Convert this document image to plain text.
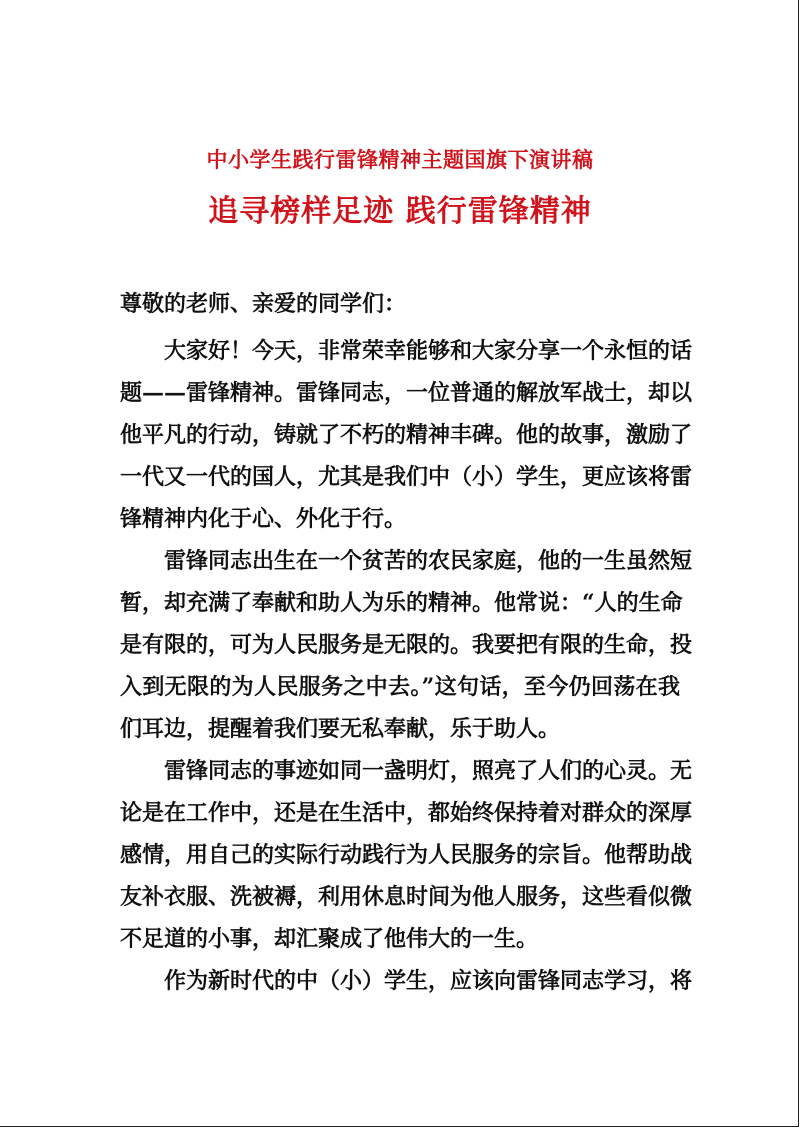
中小学生践行雷锋精神主题国旗下演讲稿
追寻榜样足迹 践行雷锋精神
尊敬的老师、亲爱的同学们：
大家好！今天，非常荣幸能够和大家分享一个永恒的话
题——雷锋精神。雷锋同志，一位普通的解放军战士，却以
他平凡的行动，铸就了不朽的精神丰碑。他的故事，激励了
一代又一代的国人，尤其是我们中（小）学生，更应该将雷
锋精神内化于心、外化于行。
雷锋同志出生在一个贫苦的农民家庭，他的一生虽然短
暂，却充满了奉献和助人为乐的精神。他常说：“人的生命
是有限的，可为人民服务是无限的。我要把有限的生命，投
入到无限的为人民服务之中去。”这句话，至今仍回荡在我
们耳边，提醒着我们要无私奉献，乐于助人。
雷锋同志的事迹如同一盏明灯，照亮了人们的心灵。无
论是在工作中，还是在生活中，都始终保持着对群众的深厚
感情，用自己的实际行动践行为人民服务的宗旨。他帮助战
友补衣服、洗被褥，利用休息时间为他人服务，这些看似微
不足道的小事，却汇聚成了他伟大的一生。
作为新时代的中（小）学生，应该向雷锋同志学习，将
